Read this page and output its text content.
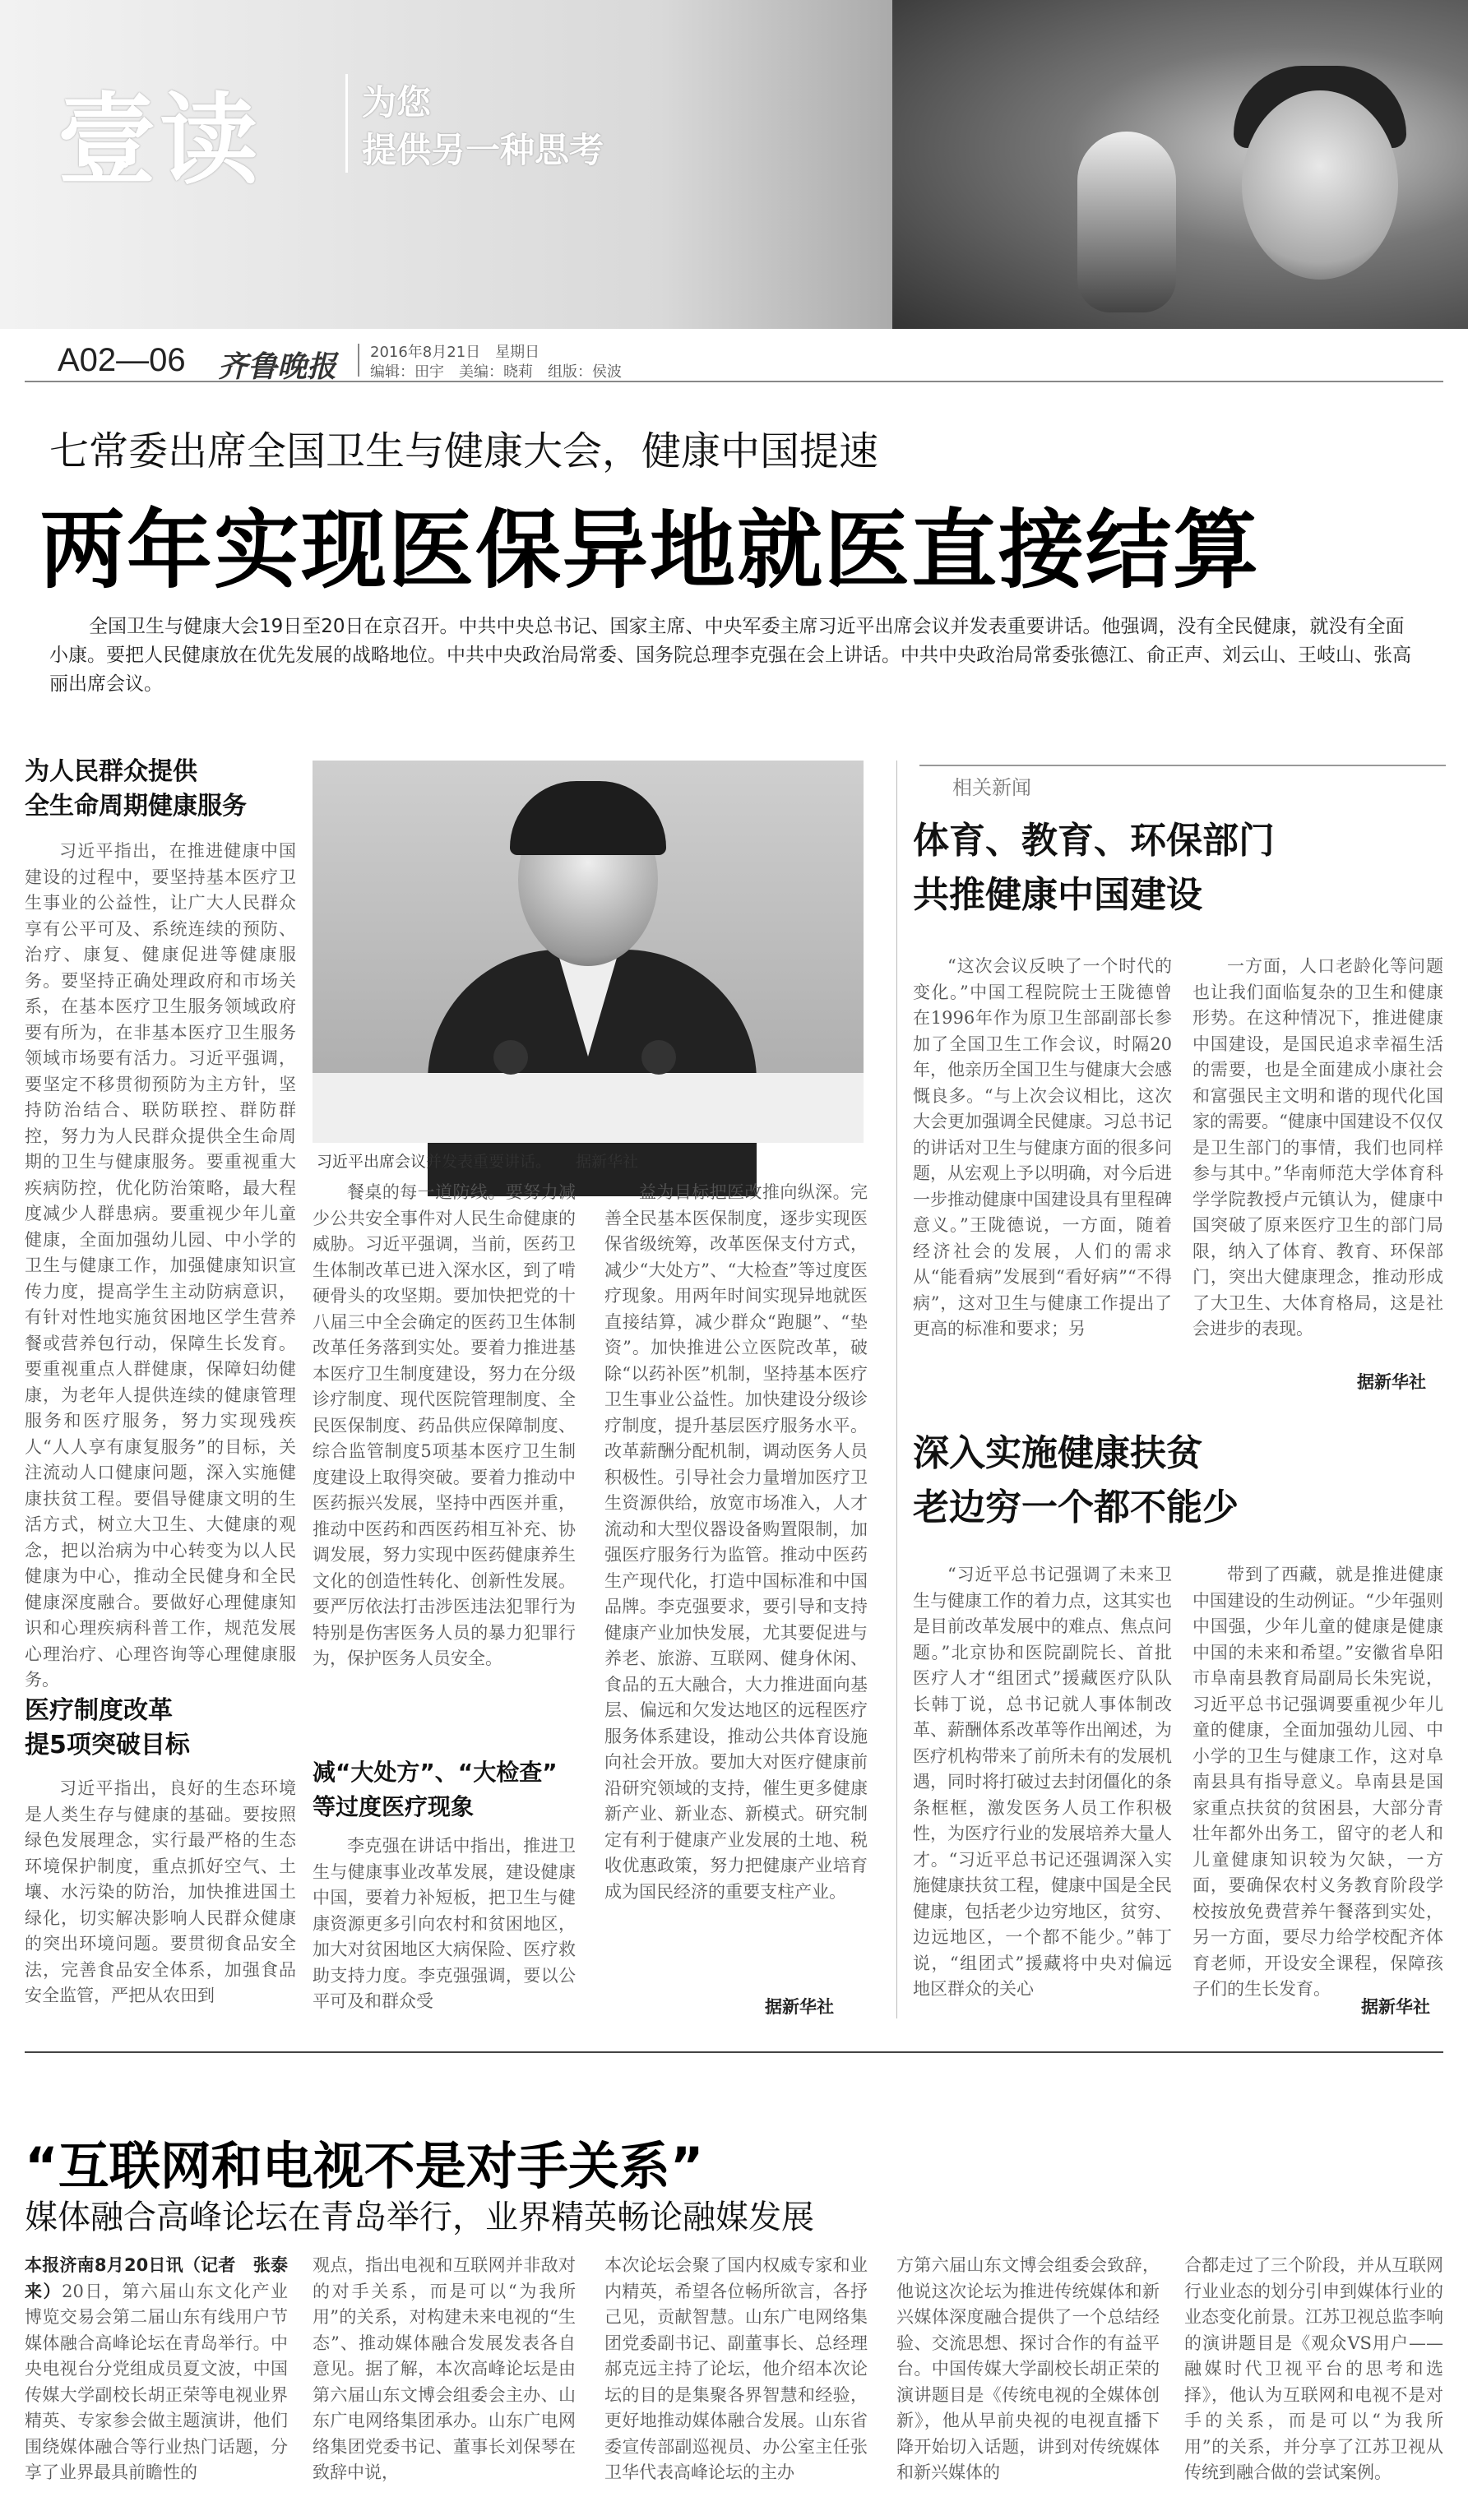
壹读	为您
提供另一种思考
A02—06 齐鲁晚报 2016年8月21日　星期日
编辑：田宇　美编：晓莉　组版：侯波
七常委出席全国卫生与健康大会，健康中国提速
两年实现医保异地就医直接结算
全国卫生与健康大会19日至20日在京召开。中共中央总书记、国家主席、中央军委主席习近平出席会议并发表重要讲话。他强调，没有全民健康，就没有全面小康。要把人民健康放在优先发展的战略地位。中共中央政治局常委、国务院总理李克强在会上讲话。中共中央政治局常委张德江、俞正声、刘云山、王岐山、张高丽出席会议。
为人民群众提供
全生命周期健康服务
习近平指出，在推进健康中国建设的过程中，要坚持基本医疗卫生事业的公益性，让广大人民群众享有公平可及、系统连续的预防、治疗、康复、健康促进等健康服务。要坚持正确处理政府和市场关系，在基本医疗卫生服务领域政府要有所为，在非基本医疗卫生服务领域市场要有活力。习近平强调，要坚定不移贯彻预防为主方针，坚持防治结合、联防联控、群防群控，努力为人民群众提供全生命周期的卫生与健康服务。要重视重大疾病防控，优化防治策略，最大程度减少人群患病。要重视少年儿童健康，全面加强幼儿园、中小学的卫生与健康工作，加强健康知识宣传力度，提高学生主动防病意识，有针对性地实施贫困地区学生营养餐或营养包行动，保障生长发育。要重视重点人群健康，保障妇幼健康，为老年人提供连续的健康管理服务和医疗服务，努力实现残疾人“人人享有康复服务”的目标，关注流动人口健康问题，深入实施健康扶贫工程。要倡导健康文明的生活方式，树立大卫生、大健康的观念，把以治病为中心转变为以人民健康为中心，推动全民健身和全民健康深度融合。要做好心理健康知识和心理疾病科普工作，规范发展心理治疗、心理咨询等心理健康服务。
医疗制度改革
提5项突破目标
习近平指出，良好的生态环境是人类生存与健康的基础。要按照绿色发展理念，实行最严格的生态环境保护制度，重点抓好空气、土壤、水污染的防治，加快推进国土绿化，切实解决影响人民群众健康的突出环境问题。要贯彻食品安全法，完善食品安全体系，加强食品安全监管，严把从农田到
习近平出席会议并发表重要讲话。 据新华社
餐桌的每一道防线。要努力减少公共安全事件对人民生命健康的威胁。习近平强调，当前，医药卫生体制改革已进入深水区，到了啃硬骨头的攻坚期。要加快把党的十八届三中全会确定的医药卫生体制改革任务落到实处。要着力推进基本医疗卫生制度建设，努力在分级诊疗制度、现代医院管理制度、全民医保制度、药品供应保障制度、综合监管制度5项基本医疗卫生制度建设上取得突破。要着力推动中医药振兴发展，坚持中西医并重，推动中医药和西医药相互补充、协调发展，努力实现中医药健康养生文化的创造性转化、创新性发展。要严厉依法打击涉医违法犯罪行为特别是伤害医务人员的暴力犯罪行为，保护医务人员安全。
减“大处方”、“大检查”
等过度医疗现象
李克强在讲话中指出，推进卫生与健康事业改革发展，建设健康中国，要着力补短板，把卫生与健康资源更多引向农村和贫困地区，加大对贫困地区大病保险、医疗救助支持力度。李克强强调，要以公平可及和群众受
益为目标把医改推向纵深。完善全民基本医保制度，逐步实现医保省级统筹，改革医保支付方式，减少“大处方”、“大检查”等过度医疗现象。用两年时间实现异地就医直接结算，减少群众“跑腿”、“垫资”。加快推进公立医院改革，破除“以药补医”机制，坚持基本医疗卫生事业公益性。加快建设分级诊疗制度，提升基层医疗服务水平。改革薪酬分配机制，调动医务人员积极性。引导社会力量增加医疗卫生资源供给，放宽市场准入，人才流动和大型仪器设备购置限制，加强医疗服务行为监管。推动中医药生产现代化，打造中国标准和中国品牌。李克强要求，要引导和支持健康产业加快发展，尤其要促进与养老、旅游、互联网、健身休闲、食品的五大融合，大力推进面向基层、偏远和欠发达地区的远程医疗服务体系建设，推动公共体育设施向社会开放。要加大对医疗健康前沿研究领域的支持，催生更多健康新产业、新业态、新模式。研究制定有利于健康产业发展的土地、税收优惠政策，努力把健康产业培育成为国民经济的重要支柱产业。
据新华社
相关新闻
体育、教育、环保部门
共推健康中国建设
“这次会议反映了一个时代的变化。”中国工程院院士王陇德曾在1996年作为原卫生部副部长参加了全国卫生工作会议，时隔20年，他亲历全国卫生与健康大会感慨良多。“与上次会议相比，这次大会更加强调全民健康。习总书记的讲话对卫生与健康方面的很多问题，从宏观上予以明确，对今后进一步推动健康中国建设具有里程碑意义。”王陇德说，一方面，随着经济社会的发展，人们的需求从“能看病”发展到“看好病”“不得病”，这对卫生与健康工作提出了更高的标准和要求；另
一方面，人口老龄化等问题也让我们面临复杂的卫生和健康形势。在这种情况下，推进健康中国建设，是国民追求幸福生活的需要，也是全面建成小康社会和富强民主文明和谐的现代化国家的需要。“健康中国建设不仅仅是卫生部门的事情，我们也同样参与其中。”华南师范大学体育科学学院教授卢元镇认为，健康中国突破了原来医疗卫生的部门局限，纳入了体育、教育、环保部门，突出大健康理念，推动形成了大卫生、大体育格局，这是社会进步的表现。
据新华社
深入实施健康扶贫
老边穷一个都不能少
“习近平总书记强调了未来卫生与健康工作的着力点，这其实也是目前改革发展中的难点、焦点问题。”北京协和医院副院长、首批医疗人才“组团式”援藏医疗队队长韩丁说，总书记就人事体制改革、薪酬体系改革等作出阐述，为医疗机构带来了前所未有的发展机遇，同时将打破过去封闭僵化的条条框框，激发医务人员工作积极性，为医疗行业的发展培养大量人才。“习近平总书记还强调深入实施健康扶贫工程，健康中国是全民健康，包括老少边穷地区，贫穷、边远地区，一个都不能少。”韩丁说，“组团式”援藏将中央对偏远地区群众的关心
带到了西藏，就是推进健康中国建设的生动例证。“少年强则中国强，少年儿童的健康是健康中国的未来和希望。”安徽省阜阳市阜南县教育局副局长朱宪说，习近平总书记强调要重视少年儿童的健康，全面加强幼儿园、中小学的卫生与健康工作，这对阜南县具有指导意义。阜南县是国家重点扶贫的贫困县，大部分青壮年都外出务工，留守的老人和儿童健康知识较为欠缺，一方面，要确保农村义务教育阶段学校按放免费营养午餐落到实处，另一方面，要尽力给学校配齐体育老师，开设安全课程，保障孩子们的生长发育。
据新华社
“互联网和电视不是对手关系”
媒体融合高峰论坛在青岛举行，业界精英畅论融媒发展
本报济南8月20日讯（记者　张泰来）20日，第六届山东文化产业博览交易会第二届山东有线用户节媒体融合高峰论坛在青岛举行。中央电视台分党组成员夏文波，中国传媒大学副校长胡正荣等电视业界精英、专家参会做主题演讲，他们围绕媒体融合等行业热门话题，分享了业界最具前瞻性的
观点，指出电视和互联网并非敌对的对手关系，而是可以“为我所用”的关系，对构建未来电视的“生态”、推动媒体融合发展发表各自意见。据了解，本次高峰论坛是由第六届山东文博会组委会主办、山东广电网络集团承办。山东广电网络集团党委书记、董事长刘保琴在致辞中说，
本次论坛会聚了国内权威专家和业内精英，希望各位畅所欲言，各抒己见，贡献智慧。山东广电网络集团党委副书记、副董事长、总经理郝克远主持了论坛，他介绍本次论坛的目的是集聚各界智慧和经验，更好地推动媒体融合发展。山东省委宣传部副巡视员、办公室主任张卫华代表高峰论坛的主办
方第六届山东文博会组委会致辞，他说这次论坛为推进传统媒体和新兴媒体深度融合提供了一个总结经验、交流思想、探讨合作的有益平台。中国传媒大学副校长胡正荣的演讲题目是《传统电视的全媒体创新》，他从早前央视的电视直播下降开始切入话题，讲到对传统媒体和新兴媒体的
合都走过了三个阶段，并从互联网行业业态的划分引申到媒体行业的业态变化前景。江苏卫视总监李响的演讲题目是《观众VS用户——融媒时代卫视平台的思考和选择》，他认为互联网和电视不是对手的关系，而是可以“为我所用”的关系，并分享了江苏卫视从传统到融合做的尝试案例。
